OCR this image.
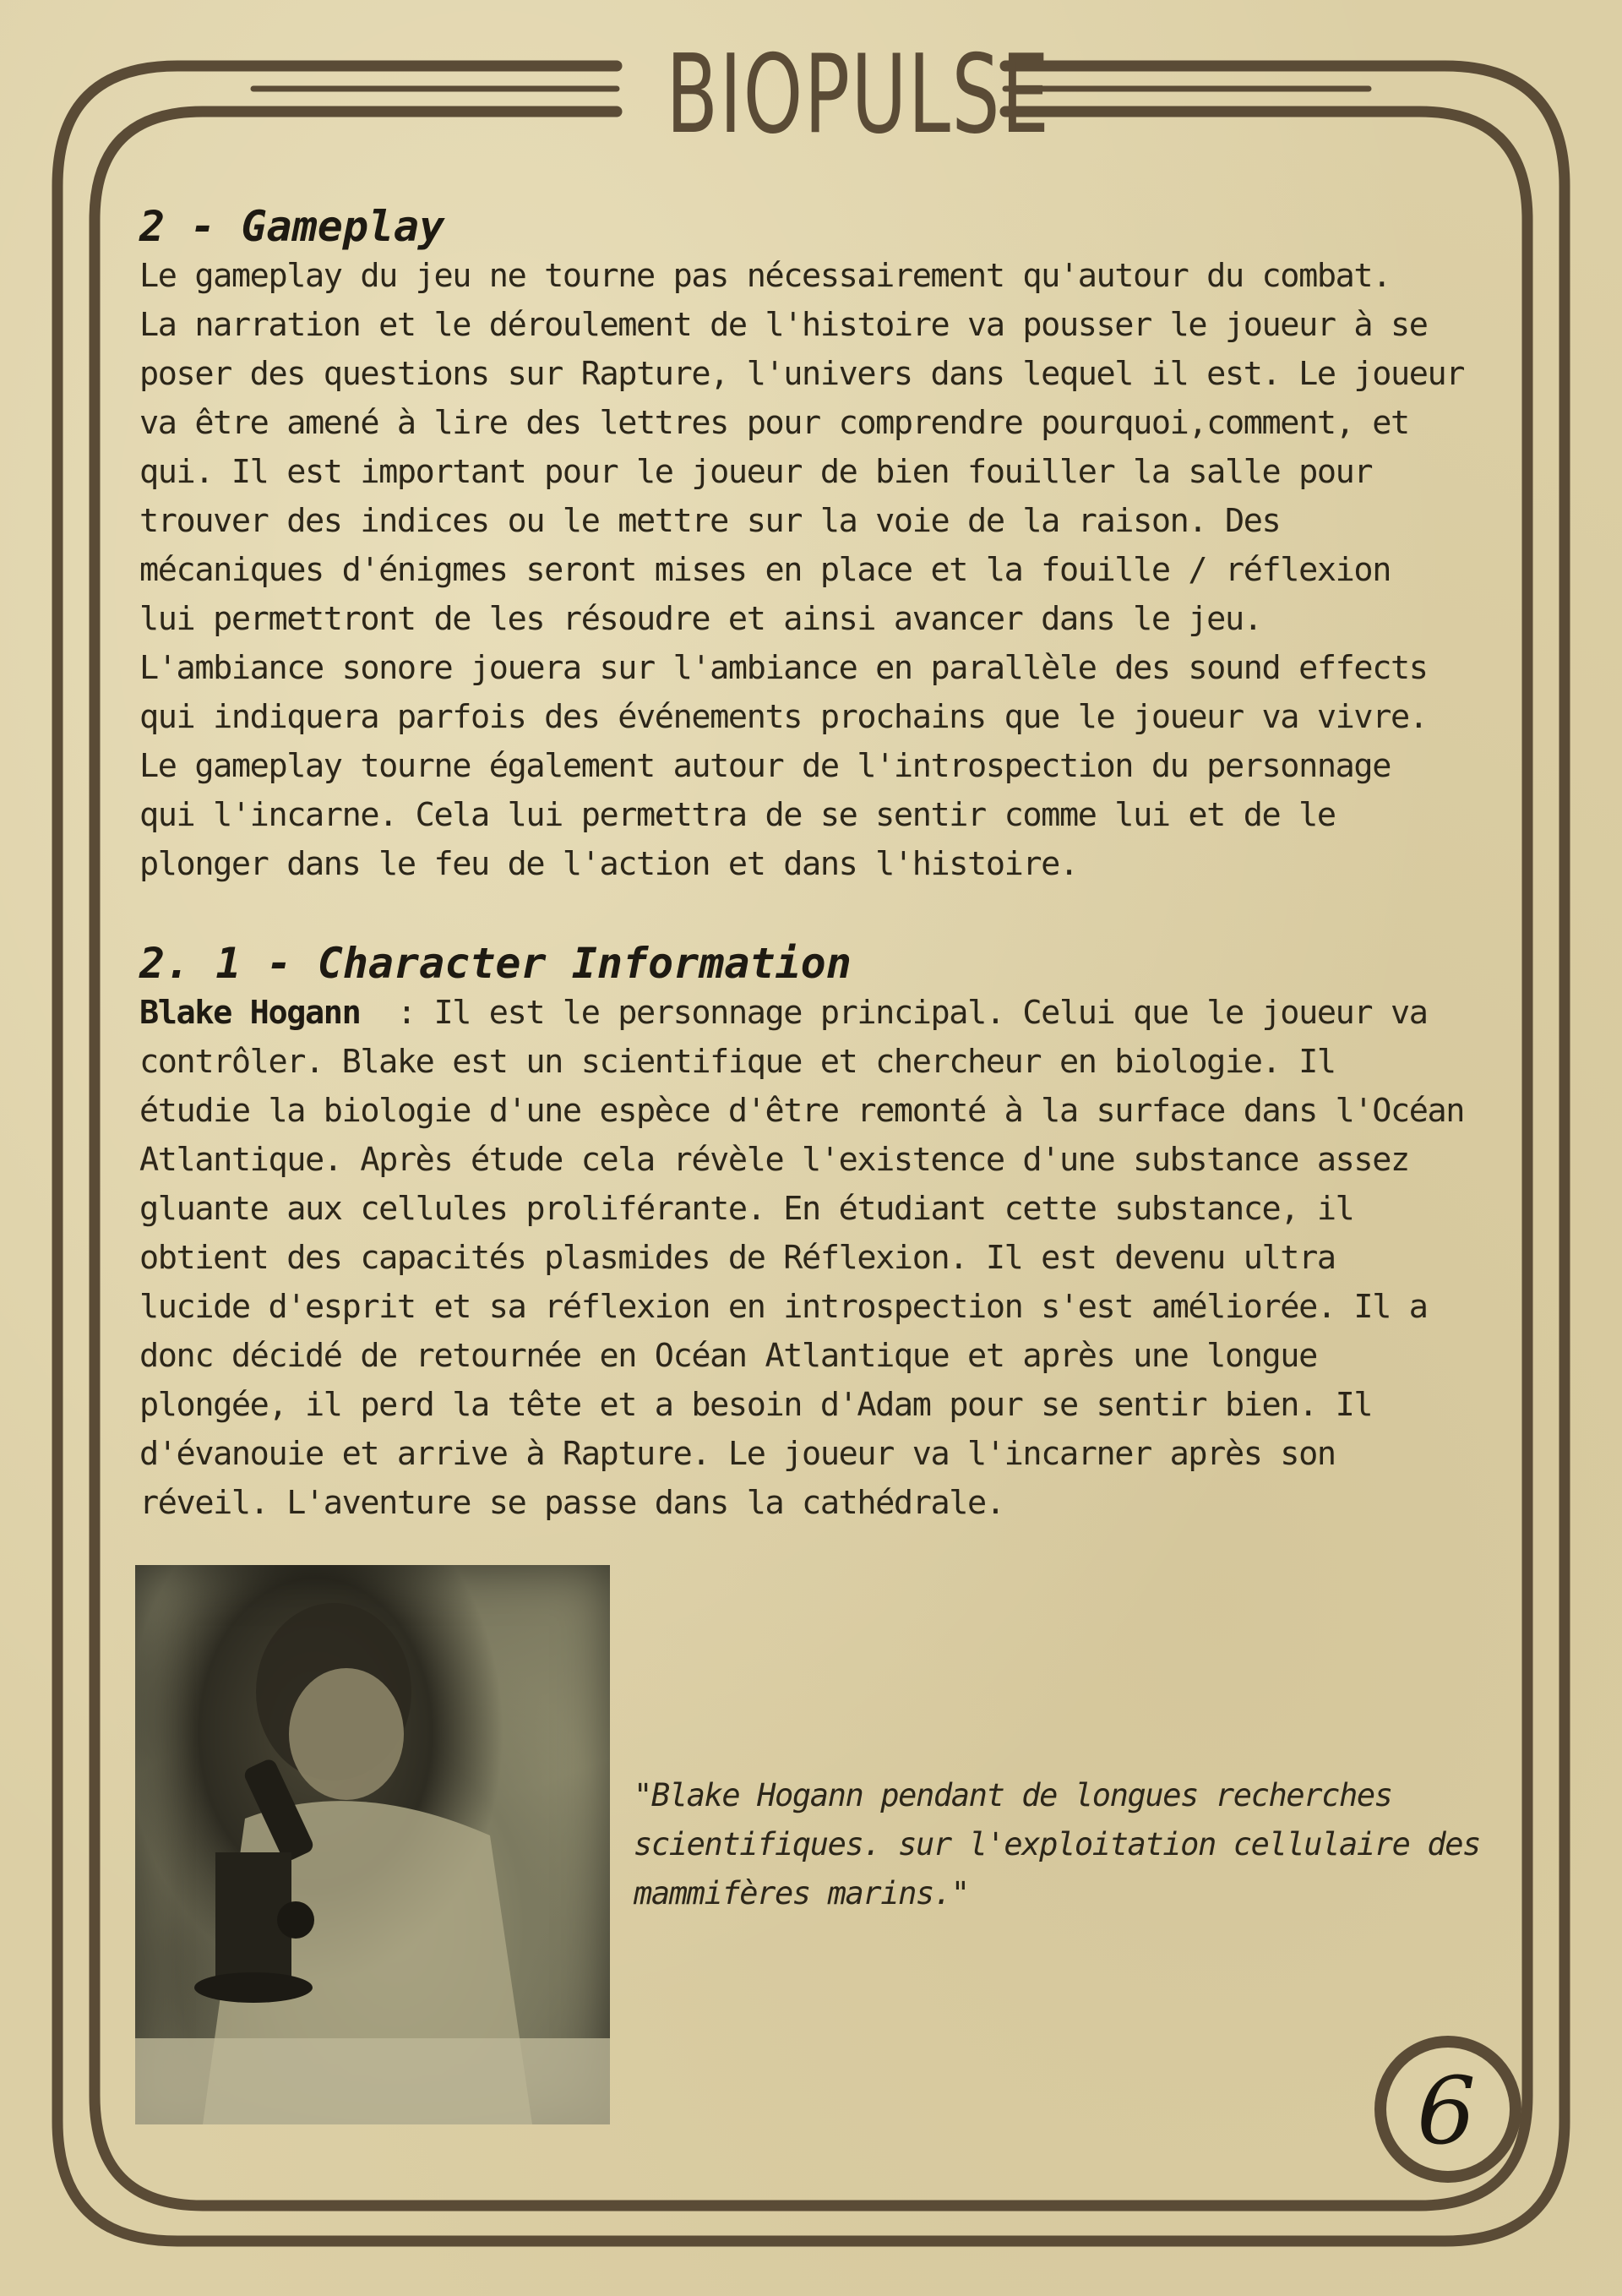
BIOPULSE
2 - Gameplay

Le gameplay du jeu ne tourne pas nécessairement qu'autour du combat.
La narration et le déroulement de l'histoire va pousser le joueur à se
poser des questions sur Rapture, l'univers dans lequel il est. Le joueur
va être amené à lire des lettres pour comprendre pourquoi,comment, et
qui. Il est important pour le joueur de bien fouiller la salle pour
trouver des indices ou le mettre sur la voie de la raison. Des
mécaniques d'énigmes seront mises en place et la fouille / réflexion
lui permettront de les résoudre et ainsi avancer dans le jeu.
L'ambiance sonore jouera sur l'ambiance en parallèle des sound effects
qui indiquera parfois des événements prochains que le joueur va vivre.
Le gameplay tourne également autour de l'introspection du personnage
qui l'incarne. Cela lui permettra de se sentir comme lui et de le
plonger dans le feu de l'action et dans l'histoire.

2. 1 - Character Information

Blake Hogann  : Il est le personnage principal. Celui que le joueur va
contrôler. Blake est un scientifique et chercheur en biologie. Il
étudie la biologie d'une espèce d'être remonté à la surface dans l'Océan
Atlantique. Après étude cela révèle l'existence d'une substance assez
gluante aux cellules proliférante. En étudiant cette substance, il
obtient des capacités plasmides de Réflexion. Il est devenu ultra
lucide d'esprit et sa réflexion en introspection s'est améliorée. Il a
donc décidé de retournée en Océan Atlantique et après une longue
plongée, il perd la tête et a besoin d'Adam pour se sentir bien. Il
d'évanouie et arrive à Rapture. Le joueur va l'incarner après son
réveil. L'aventure se passe dans la cathédrale.

"Blake Hogann pendant de longues recherches
scientifiques. sur l'exploitation cellulaire des
mammifères marins."
6
